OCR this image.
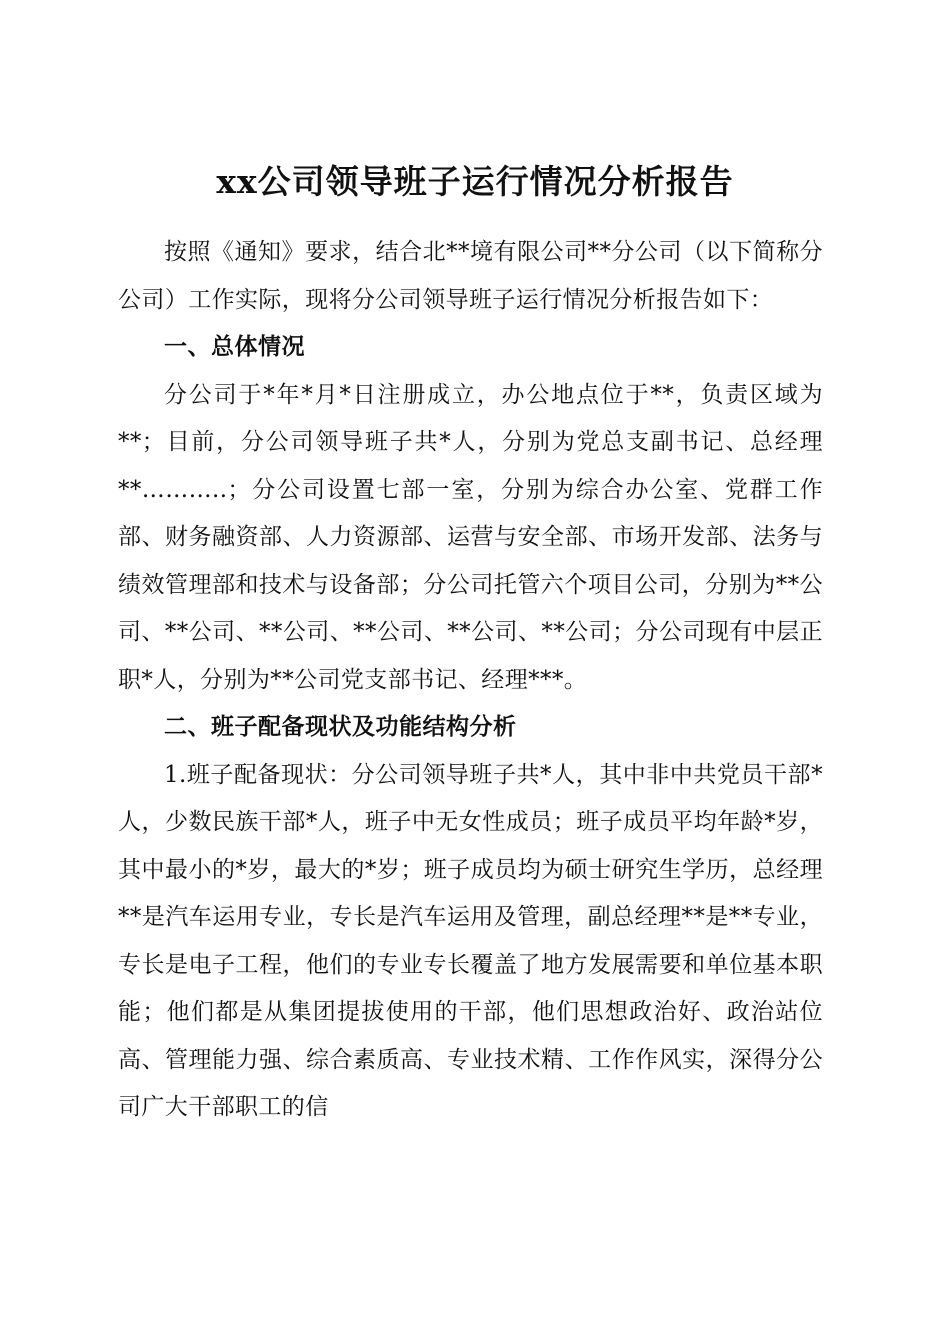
xx公司领导班子运行情况分析报告

按照《通知》要求，结合北**境有限公司**分公司（以下简称分公司）工作实际，现将分公司领导班子运行情况分析报告如下：

一、总体情况

分公司于*年*月*日注册成立，办公地点位于**，负责区域为**；目前，分公司领导班子共*人，分别为党总支副书记、总经理**………..；分公司设置七部一室，分别为综合办公室、党群工作部、财务融资部、人力资源部、运营与安全部、市场开发部、法务与绩效管理部和技术与设备部；分公司托管六个项目公司，分别为**公司、**公司、**公司、**公司、**公司、**公司；分公司现有中层正职*人，分别为**公司党支部书记、经理***。

二、班子配备现状及功能结构分析

1.班子配备现状：分公司领导班子共*人，其中非中共党员干部*人，少数民族干部*人，班子中无女性成员；班子成员平均年龄*岁，其中最小的*岁，最大的*岁；班子成员均为硕士研究生学历，总经理**是汽车运用专业，专长是汽车运用及管理，副总经理**是**专业，专长是电子工程，他们的专业专长覆盖了地方发展需要和单位基本职能；他们都是从集团提拔使用的干部，他们思想政治好、政治站位高、管理能力强、综合素质高、专业技术精、工作作风实，深得分公司广大干部职工的信
